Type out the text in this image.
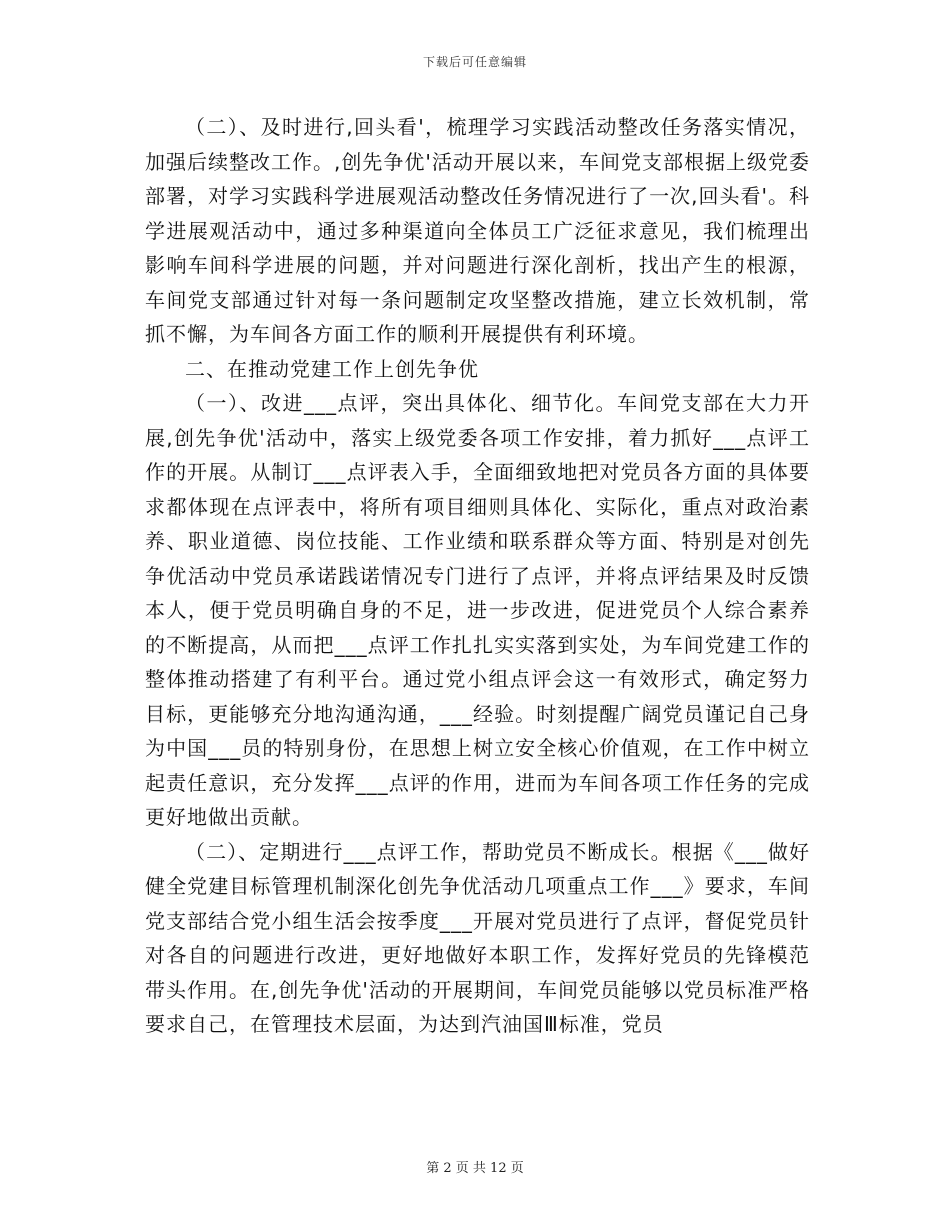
下载后可任意编辑

（二）、及时进行,回头看'，梳理学习实践活动整改任务落实情况，加强后续整改工作。,创先争优'活动开展以来，车间党支部根据上级党委部署，对学习实践科学进展观活动整改任务情况进行了一次,回头看'。科学进展观活动中，通过多种渠道向全体员工广泛征求意见，我们梳理出影响车间科学进展的问题，并对问题进行深化剖析，找出产生的根源，车间党支部通过针对每一条问题制定攻坚整改措施，建立长效机制，常抓不懈，为车间各方面工作的顺利开展提供有利环境。

二、在推动党建工作上创先争优

（一）、改进___点评，突出具体化、细节化。车间党支部在大力开展,创先争优'活动中，落实上级党委各项工作安排，着力抓好___点评工作的开展。从制订___点评表入手，全面细致地把对党员各方面的具体要求都体现在点评表中，将所有项目细则具体化、实际化，重点对政治素养、职业道德、岗位技能、工作业绩和联系群众等方面、特别是对创先争优活动中党员承诺践诺情况专门进行了点评，并将点评结果及时反馈本人，便于党员明确自身的不足，进一步改进，促进党员个人综合素养的不断提高，从而把___点评工作扎扎实实落到实处，为车间党建工作的整体推动搭建了有利平台。通过党小组点评会这一有效形式，确定努力目标，更能够充分地沟通沟通，___经验。时刻提醒广阔党员谨记自己身为中国___员的特别身份，在思想上树立安全核心价值观，在工作中树立起责任意识，充分发挥___点评的作用，进而为车间各项工作任务的完成更好地做出贡献。

（二）、定期进行___点评工作，帮助党员不断成长。根据《___做好健全党建目标管理机制深化创先争优活动几项重点工作___》要求，车间党支部结合党小组生活会按季度___开展对党员进行了点评，督促党员针对各自的问题进行改进，更好地做好本职工作，发挥好党员的先锋模范带头作用。在,创先争优'活动的开展期间，车间党员能够以党员标准严格要求自己，在管理技术层面，为达到汽油国Ⅲ标准，党员

第 2 页 共 12 页
